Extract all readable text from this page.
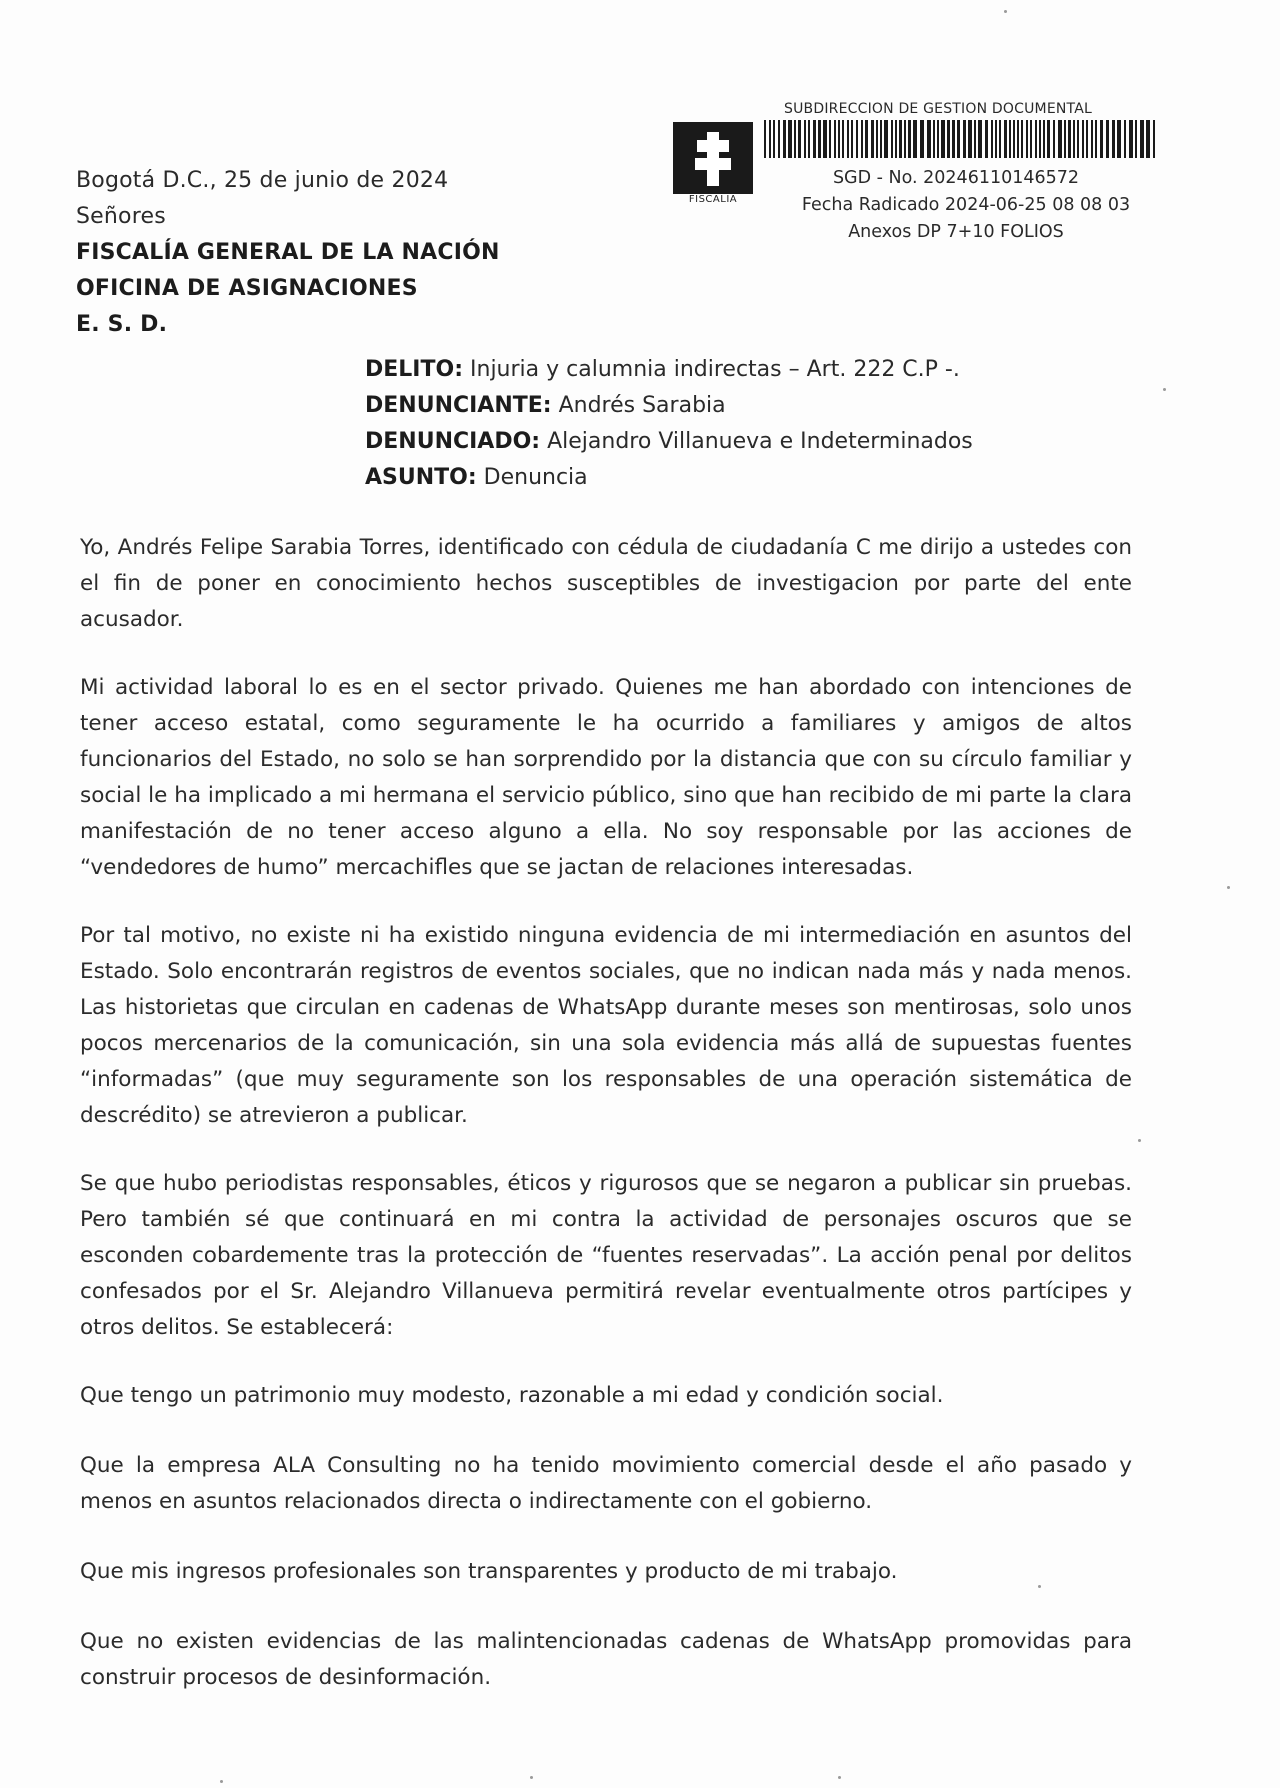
Bogotá D.C., 25 de junio de 2024
Señores
FISCALÍA GENERAL DE LA NACIÓN
OFICINA DE ASIGNACIONES
E. S. D.
FISCALIA
SUBDIRECCION DE GESTION DOCUMENTAL
SGD - No. 20246110146572
Fecha Radicado 2024-06-25 08 08 03
Anexos DP 7+10 FOLIOS
DELITO: Injuria y calumnia indirectas – Art. 222 C.P -.
DENUNCIANTE: Andrés Sarabia
DENUNCIADO: Alejandro Villanueva e Indeterminados
ASUNTO: Denuncia

Yo, Andrés Felipe Sarabia Torres, identificado con cédula de ciudadanía C me dirijo a ustedes con el fin de poner en conocimiento hechos susceptibles de investigacion por parte del ente acusador.

Mi actividad laboral lo es en el sector privado. Quienes me han abordado con intenciones de tener acceso estatal, como seguramente le ha ocurrido a familiares y amigos de altos funcionarios del Estado, no solo se han sorprendido por la distancia que con su círculo familiar y social le ha implicado a mi hermana el servicio público, sino que han recibido de mi parte la clara manifestación de no tener acceso alguno a ella. No soy responsable por las acciones de “vendedores de humo” mercachifles que se jactan de relaciones interesadas.

Por tal motivo, no existe ni ha existido ninguna evidencia de mi intermediación en asuntos del Estado. Solo encontrarán registros de eventos sociales, que no indican nada más y nada menos. Las historietas que circulan en cadenas de WhatsApp durante meses son mentirosas, solo unos pocos mercenarios de la comunicación, sin una sola evidencia más allá de supuestas fuentes “informadas” (que muy seguramente son los responsables de una operación sistemática de descrédito) se atrevieron a publicar.

Se que hubo periodistas responsables, éticos y rigurosos que se negaron a publicar sin pruebas. Pero también sé que continuará en mi contra la actividad de personajes oscuros que se esconden cobardemente tras la protección de “fuentes reservadas”. La acción penal por delitos confesados por el Sr. Alejandro Villanueva permitirá revelar eventualmente otros partícipes y otros delitos. Se establecerá:

Que tengo un patrimonio muy modesto, razonable a mi edad y condición social.

Que la empresa ALA Consulting no ha tenido movimiento comercial desde el año pasado y menos en asuntos relacionados directa o indirectamente con el gobierno.

Que mis ingresos profesionales son transparentes y producto de mi trabajo.

Que no existen evidencias de las malintencionadas cadenas de WhatsApp promovidas para construir procesos de desinformación.
